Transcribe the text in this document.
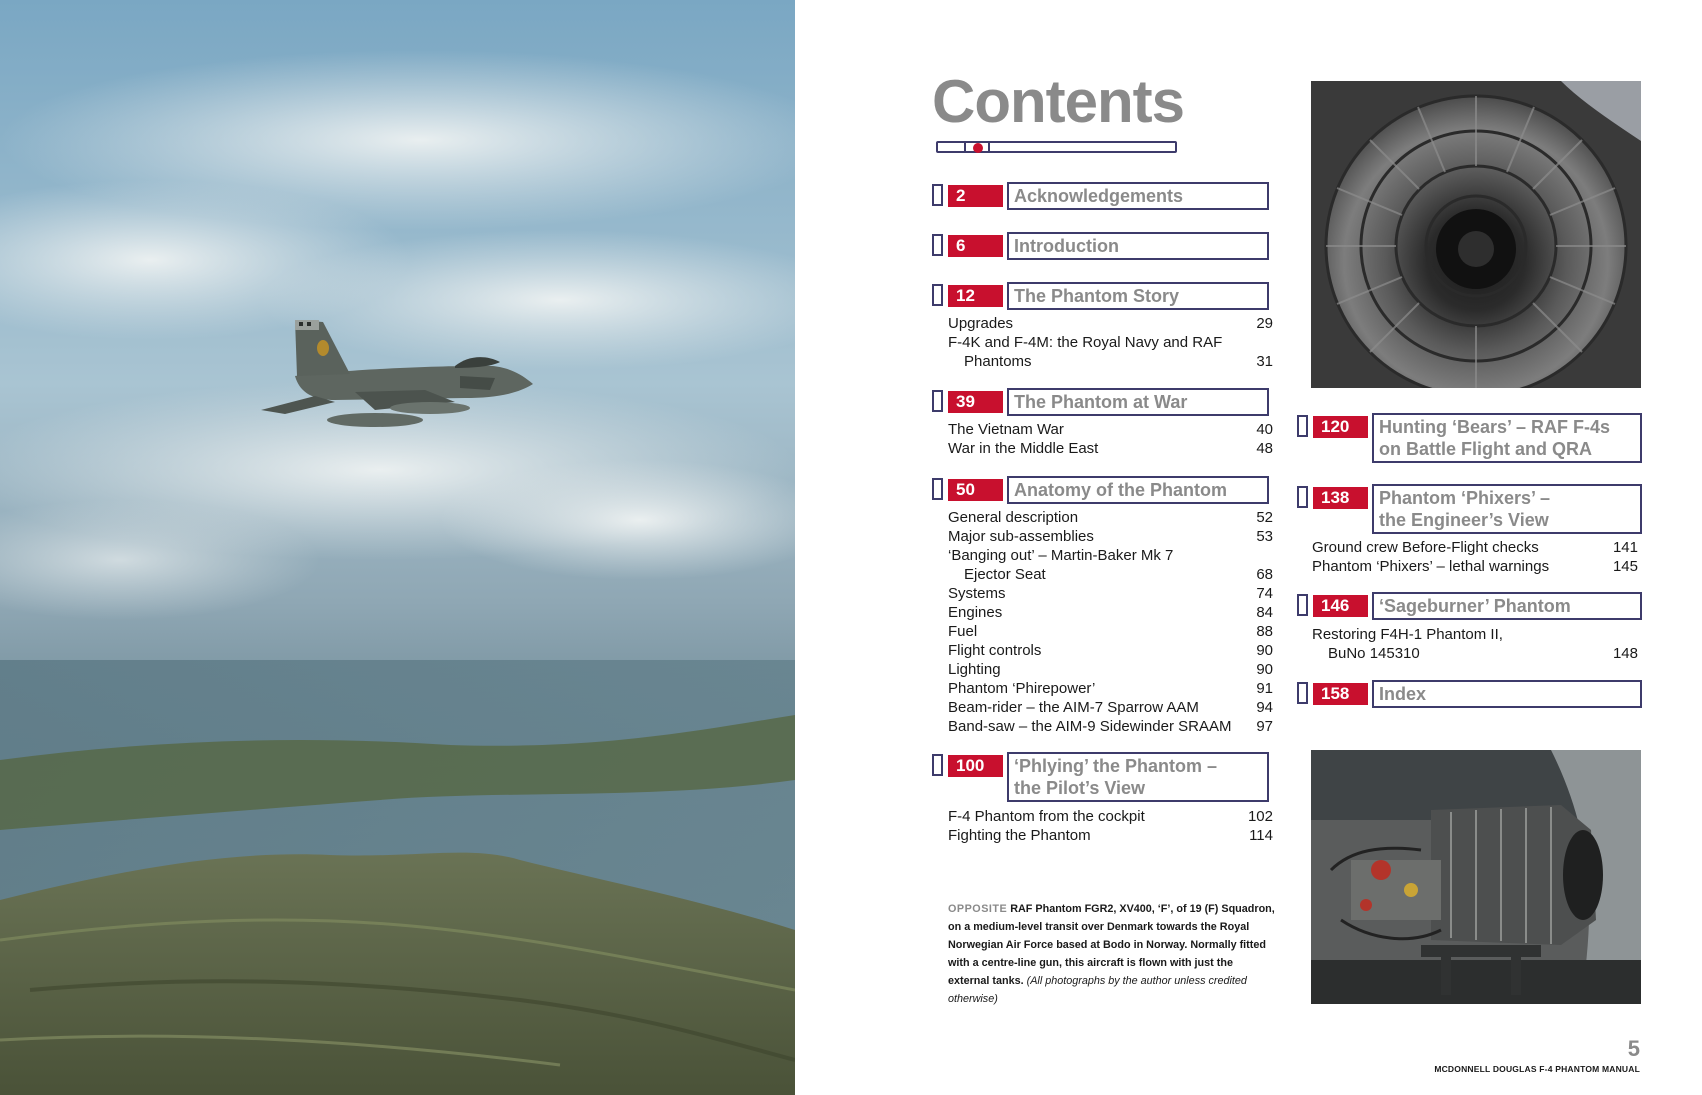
Contents
2	Acknowledgements
6	Introduction
12	The Phantom Story
Upgrades	29
F-4K and F-4M: the Royal Navy and RAF
Phantoms	31
39	The Phantom at War
The Vietnam War	40
War in the Middle East	48
50	Anatomy of the Phantom
General description	52
Major sub-assemblies	53
‘Banging out’ – Martin-Baker Mk 7
Ejector Seat	68
Systems	74
Engines	84
Fuel	88
Flight controls	90
Lighting	90
Phantom ‘Phirepower’	91
Beam-rider – the AIM-7 Sparrow AAM	94
Band-saw – the AIM-9 Sidewinder SRAAM 97
100	‘Phlying’ the Phantom –
the Pilot’s View
F-4 Phantom from the cockpit	102
Fighting the Phantom	114
120	Hunting ‘Bears’ – RAF F-4s
on Battle Flight and QRA
138	Phantom ‘Phixers’ –
the Engineer’s View
Ground crew Before-Flight checks	141
Phantom ‘Phixers’ – lethal warnings	145
146	‘Sageburner’ Phantom
Restoring F4H-1 Phantom II,
BuNo 145310	148
158	Index
OPPOSITE RAF Phantom FGR2, XV400, ‘F’, of 19 (F) Squadron, on a medium-level transit over Denmark towards the Royal Norwegian Air Force based at Bodo in Norway. Normally fitted with a centre-line gun, this aircraft is flown with just the external tanks. (All photographs by the author unless credited otherwise)
5
MCDONNELL DOUGLAS F-4 PHANTOM MANUAL
